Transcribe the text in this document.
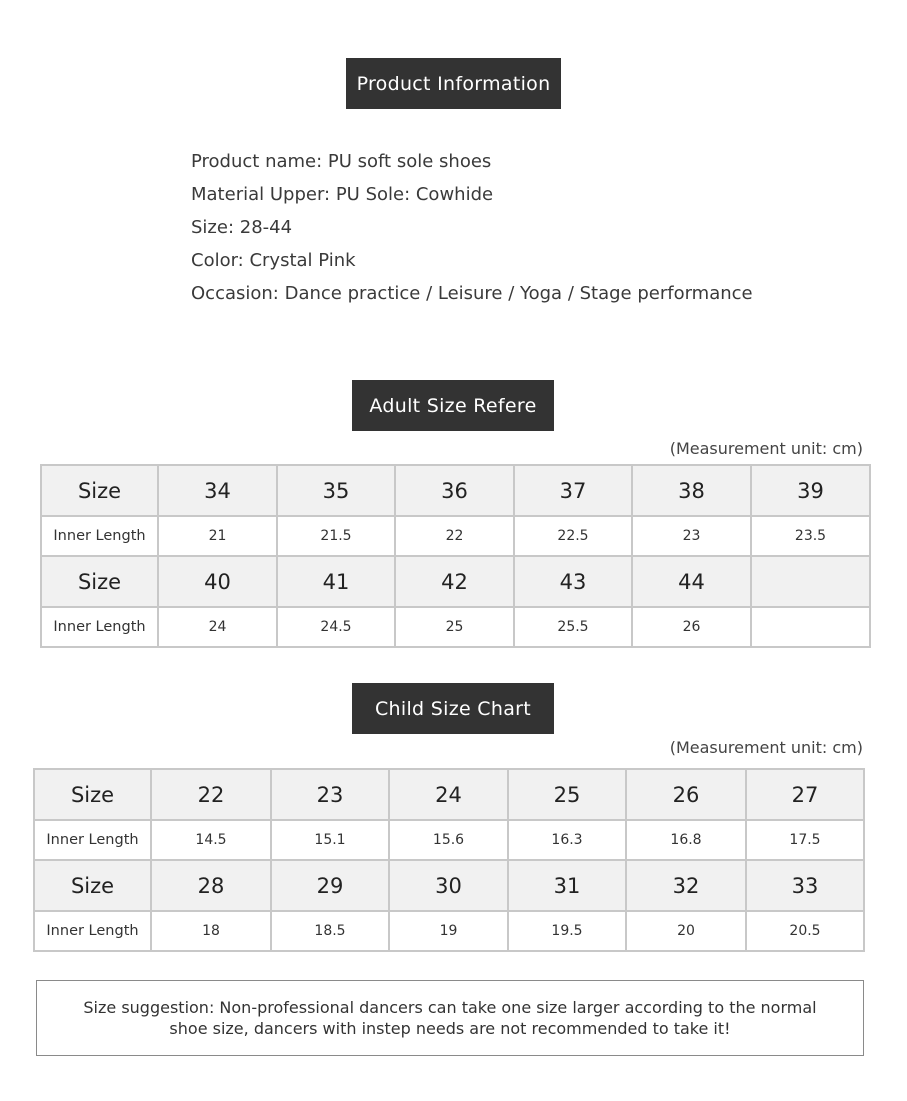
Product Information
Product name: PU soft sole shoes
Material Upper: PU Sole: Cowhide
Size: 28-44
Color: Crystal Pink
Occasion: Dance practice / Leisure / Yoga / Stage performance
Adult Size Refere
(Measurement unit: cm)
Size	34	35	36	37	38	39
Inner Length	21	21.5	22	22.5	23	23.5
Size	40	41	42	43	44	
Inner Length	24	24.5	25	25.5	26	
Child Size Chart
(Measurement unit: cm)
Size	22	23	24	25	26	27
Inner Length	14.5	15.1	15.6	16.3	16.8	17.5
Size	28	29	30	31	32	33
Inner Length	18	18.5	19	19.5	20	20.5
Size suggestion: Non-professional dancers can take one size larger according to the normal shoe size, dancers with instep needs are not recommended to take it!
